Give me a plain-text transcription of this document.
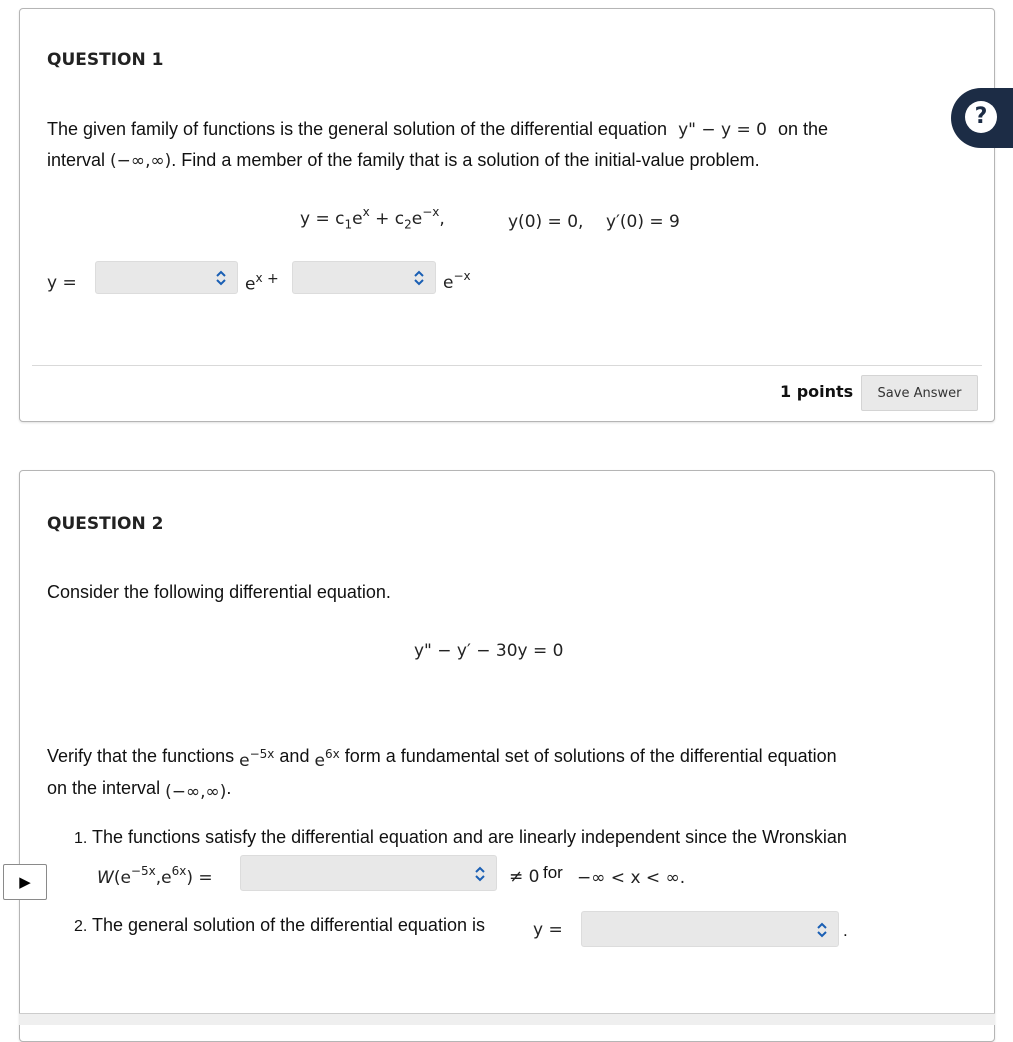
QUESTION 1
The given family of functions is the general solution of the differential equation y" − y = 0 on the
interval (−∞,∞). Find a member of the family that is a solution of the initial-value problem.
$y = c_1e^x + c_2e^{-x}$,	y(0) = 0, y′(0) = 9
y =	$e^x$ +	$e^{-x}$
1 points	Save Answer
QUESTION 2
Consider the following differential equation.
y" − y′ − 30y = 0
Verify that the functions $e^{-5x}$ and $e^{6x}$ form a fundamental set of solutions of the differential equation
on the interval (−∞,∞).
1. The functions satisfy the differential equation and are linearly independent since the Wronskian
$W(e^{-5x},e^{6x})$ =	≠ 0 for −∞ < x < ∞.
2. The general solution of the differential equation is	y =	.
?
▶
